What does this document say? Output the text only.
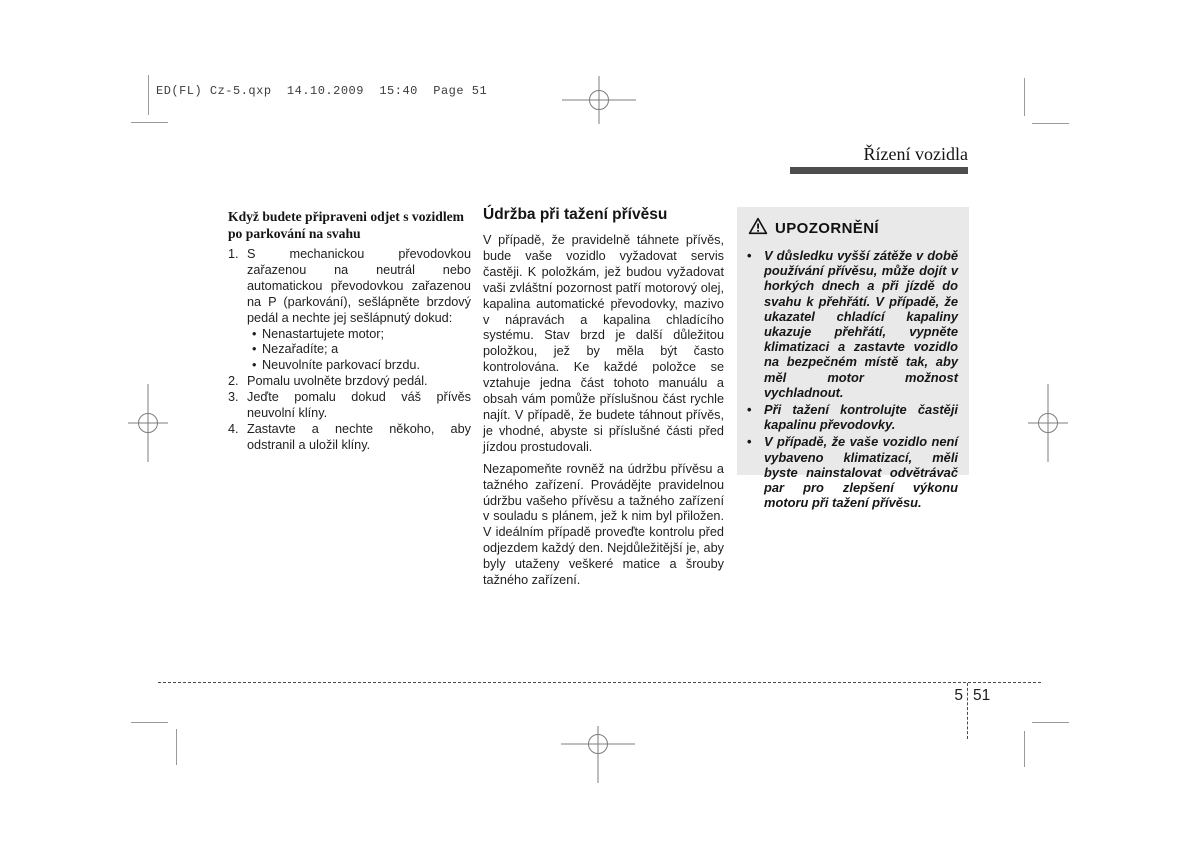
ED(FL) Cz-5.qxp  14.10.2009  15:40  Page 51
Řízení vozidla
Když budete připraveni odjet s vozidlem po parkování na svahu
1. S mechanickou převodovkou zařazenou na neutrál nebo automatickou převodovkou zařazenou na P (parkování), sešlápněte brzdový pedál a nechte jej sešlápnutý dokud:
• Nenastartujete motor;
• Nezařadíte; a
• Neuvolníte parkovací brzdu.
2. Pomalu uvolněte brzdový pedál.
3. Jeďte pomalu dokud váš přívěs neuvolní klíny.
4. Zastavte a nechte někoho, aby odstranil a uložil klíny.
Údržba při tažení přívěsu
V případě, že pravidelně táhnete přívěs, bude vaše vozidlo vyžadovat servis častěji. K položkám, jež budou vyžadovat vaši zvláštní pozornost patří motorový olej, kapalina automatické převodovky, mazivo v nápravách a kapalina chladícího systému. Stav brzd je další důležitou položkou, jež by měla být často kontrolována. Ke každé položce se vztahuje jedna část tohoto manuálu a obsah vám pomůže příslušnou část rychle najít. V případě, že budete táhnout přívěs, je vhodné, abyste si příslušné části před jízdou prostudovali.
Nezapomeňte rovněž na údržbu přívěsu a tažného zařízení. Provádějte pravidelnou údržbu vašeho přívěsu a tažného zařízení v souladu s plánem, jež k nim byl přiložen. V ideálním případě proveďte kontrolu před odjezdem každý den. Nejdůležitější je, aby byly utaženy veškeré matice a šrouby tažného zařízení.
UPOZORNĚNÍ
• V důsledku vyšší zátěže v době používání přívěsu, může dojít v horkých dnech a při jízdě do svahu k přehřátí. V případě, že ukazatel chladící kapaliny ukazuje přehřátí, vypněte klimatizaci a zastavte vozidlo na bezpečném místě tak, aby měl motor možnost vychladnout.
• Při tažení kontrolujte častěji kapalinu převodovky.
• V případě, že vaše vozidlo není vybaveno klimatizací, měli byste nainstalovat odvětrávač par pro zlepšení výkonu motoru při tažení přívěsu.
5 51
